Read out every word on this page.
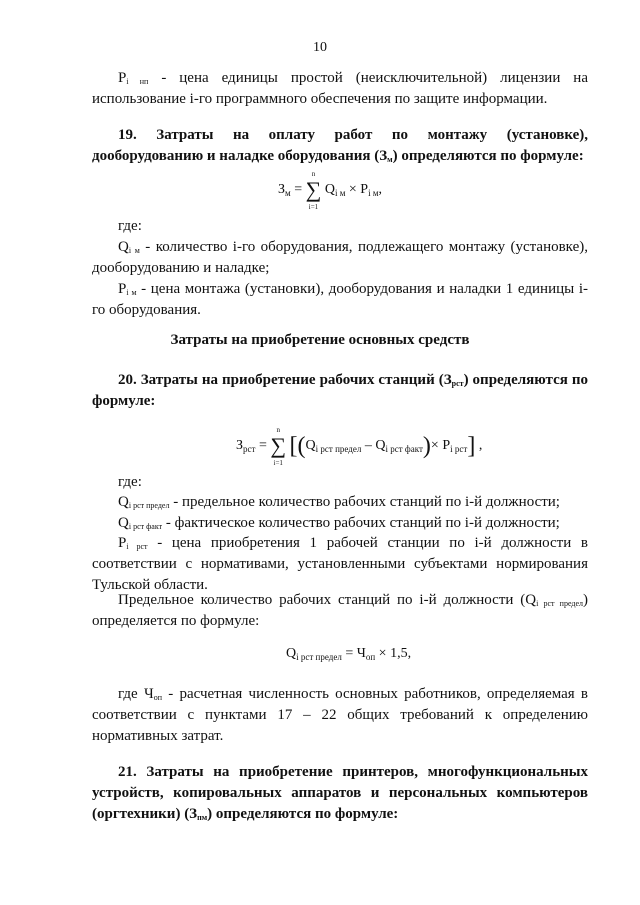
10

$P_{i нп}$ - цена единицы простой (неисключительной) лицензии на

использование i-го программного обеспечения по защите информации.

19. Затраты на оплату работ по монтажу (установке),

дооборудованию и наладке оборудования $(З_м)$ определяются по формуле:

$З_м = n$
∑
i=1 $Q_{i м} \times P_{i м}$,

где:

$Q_{i м}$ - количество i-го оборудования, подлежащего монтажу (установке),

дооборудованию и наладке;

$P_{i м}$ - цена монтажа (установки), дооборудования и наладки 1 единицы i-

го оборудования.

Затраты на приобретение основных средств

20. Затраты на приобретение рабочих станций $(З_{рст})$ определяются по

формуле:

$З_{рст} = n$
∑
i=1 $[(Q_{i рст предел} - Q_{i рст факт})\times P_{i рст}]$ ,

где:

$Q_{i рст предел}$ - предельное количество рабочих станций по i-й должности;

$Q_{i рст факт}$ - фактическое количество рабочих станций по i-й должности;

$P_{i рст}$ - цена приобретения 1 рабочей станции по i-й должности в

соответствии с нормативами, установленными субъектами нормирования

Тульской области.

Предельное количество рабочих станций по i-й должности $(Q_{i рст предел})$

определяется по формуле:

$Q_{i рст предел} = Ч_{оп} \times 1,5$,

где $Ч_{оп}$ - расчетная численность основных работников, определяемая в

соответствии с пунктами 17 – 22 общих требований к определению

нормативных затрат.

21. Затраты на приобретение принтеров, многофункциональных

устройств, копировальных аппаратов и персональных компьютеров

(оргтехники) $(З_{пм})$ определяются по формуле:
